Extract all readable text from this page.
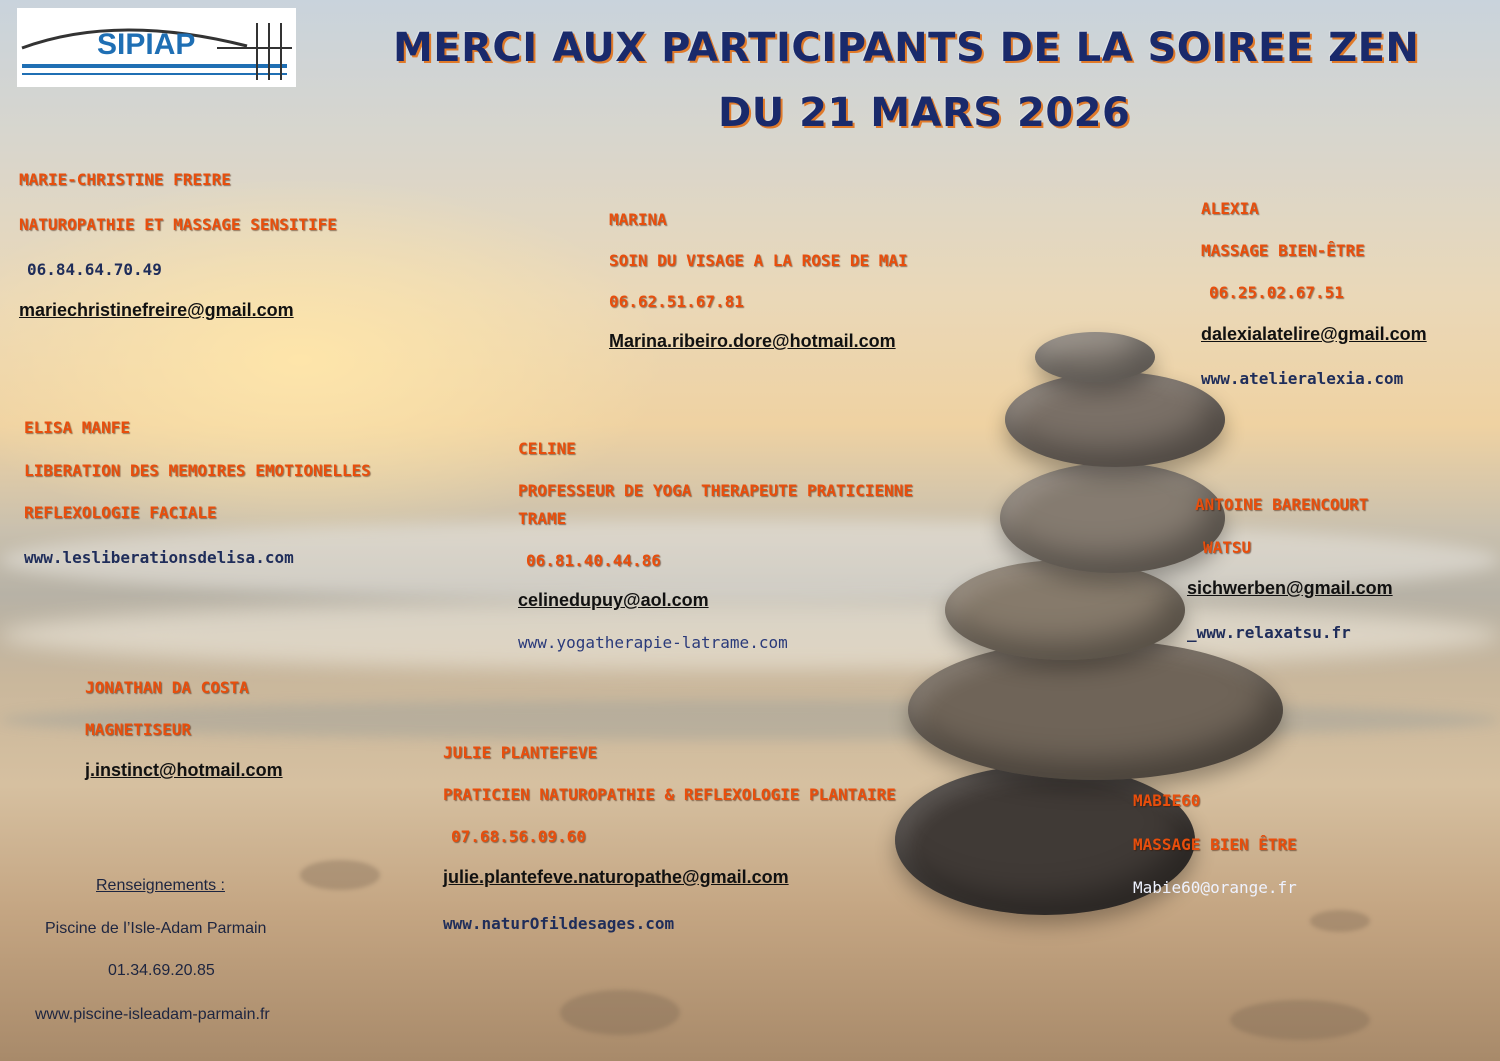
SIPIAP	MERCI AUX PARTICIPANTS DE LA SOIREE ZEN
DU 21 MARS 2026
MARIE-CHRISTINE FREIRE
NATUROPATHIE ET MASSAGE SENSITIFE
06.84.64.70.49
mariechristinefreire@gmail.com
MARINA
SOIN DU VISAGE A LA ROSE DE MAI
06.62.51.67.81
Marina.ribeiro.dore@hotmail.com
ALEXIA
MASSAGE BIEN-ÊTRE
06.25.02.67.51
dalexialatelire@gmail.com
www.atelieralexia.com
ELISA MANFE
LIBERATION DES MEMOIRES EMOTIONELLES
REFLEXOLOGIE FACIALE
www.lesliberationsdelisa.com
CELINE
PROFESSEUR DE YOGA THERAPEUTE PRATICIENNE
TRAME
06.81.40.44.86
celinedupuy@aol.com
www.yogatherapie-latrame.com
ANTOINE BARENCOURT
WATSU
sichwerben@gmail.com
_www.relaxatsu.fr
JONATHAN DA COSTA
MAGNETISEUR
j.instinct@hotmail.com
JULIE PLANTEFEVE
PRATICIEN NATUROPATHIE & REFLEXOLOGIE PLANTAIRE
07.68.56.09.60
julie.plantefeve.naturopathe@gmail.com
www.naturOfildesages.com
MABIE60
MASSAGE BIEN ÊTRE
Mabie60@orange.fr
Renseignements :
Piscine de l’Isle-Adam Parmain
01.34.69.20.85
www.piscine-isleadam-parmain.fr
